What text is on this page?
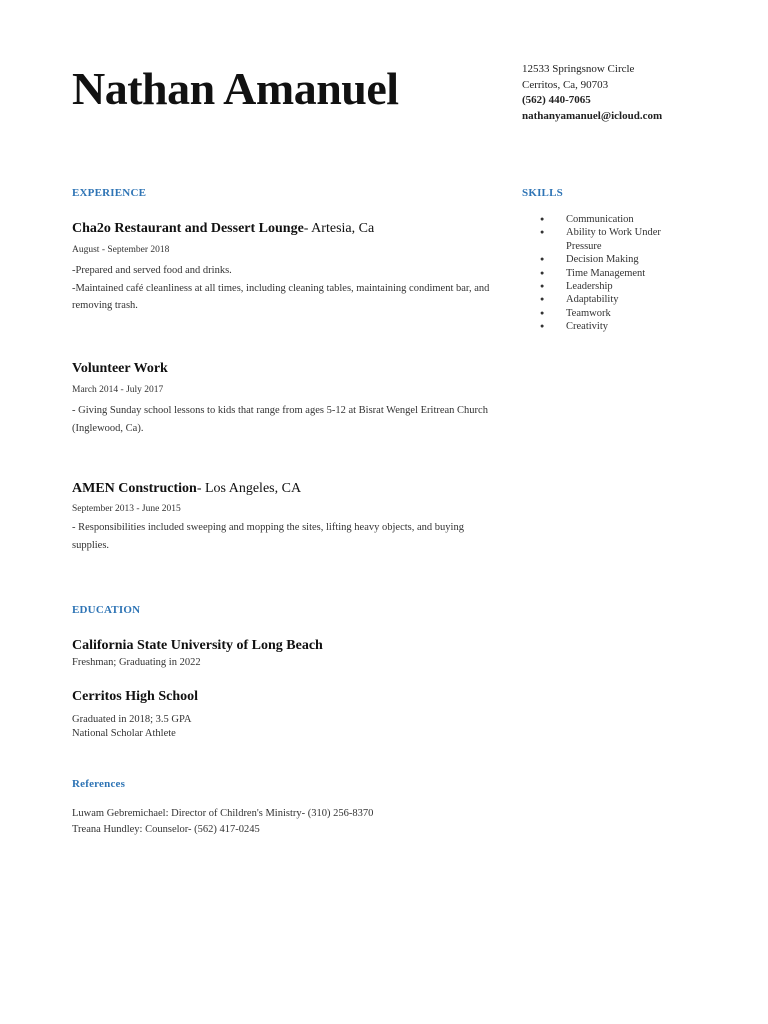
Nathan Amanuel	12533 Springsnow Circle
Cerritos, Ca, 90703
(562) 440-7065
nathanyamanuel@icloud.com
EXPERIENCE	SKILLS
Cha2o Restaurant and Dessert Lounge- Artesia, Ca
August - September 2018

-Prepared and served food and drinks.

-Maintained café cleanliness at all times, including cleaning tables, maintaining condiment bar, and removing trash.

Volunteer Work
March 2014 - July 2017

- Giving Sunday school lessons to kids that range from ages 5-12 at Bisrat Wengel Eritrean Church (Inglewood, Ca).

AMEN Construction- Los Angeles, CA
September 2013 - June 2015

- Responsibilities included sweeping and mopping the sites, lifting heavy objects, and buying supplies.

● Communication
● Ability to Work Under Pressure
● Decision Making
● Time Management
● Leadership
● Adaptability
● Teamwork
● Creativity
EDUCATION
California State University of Long Beach

Freshman; Graduating in 2022

Cerritos High School

Graduated in 2018; 3.5 GPA

National Scholar Athlete

References

Luwam Gebremichael: Director of Children's Ministry- (310) 256-8370

Treana Hundley: Counselor- (562) 417-0245
